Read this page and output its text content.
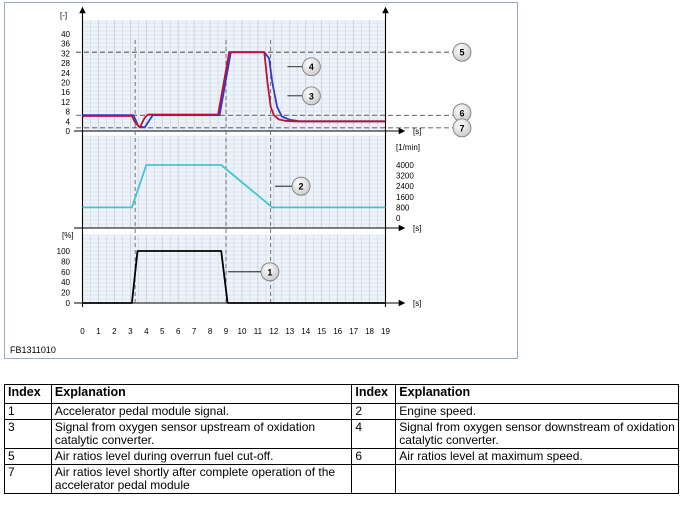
0
4
8
12
16
20
24
28
32
36
40
[-]
[s]
0
800
1600
2400
3200
4000
[1/min]
[s]
0
20
40
60
80
100
[%]
[s]
0 1 2 3 4 5 6 7 8 9 10 11 12 13 14 15 16 17 18 19
4
3
5
6
7
2
1
FB1311010
Index	Explanation	Index	Explanation
1	Accelerator pedal module signal.	2	Engine speed.
3	Signal from oxygen sensor upstream of oxidation catalytic converter.	4	Signal from oxygen sensor downstream of oxidation catalytic converter.
5	Air ratios level during overrun fuel cut-off.	6	Air ratios level at maximum speed.
7	Air ratios level shortly after complete operation of the accelerator pedal module		
